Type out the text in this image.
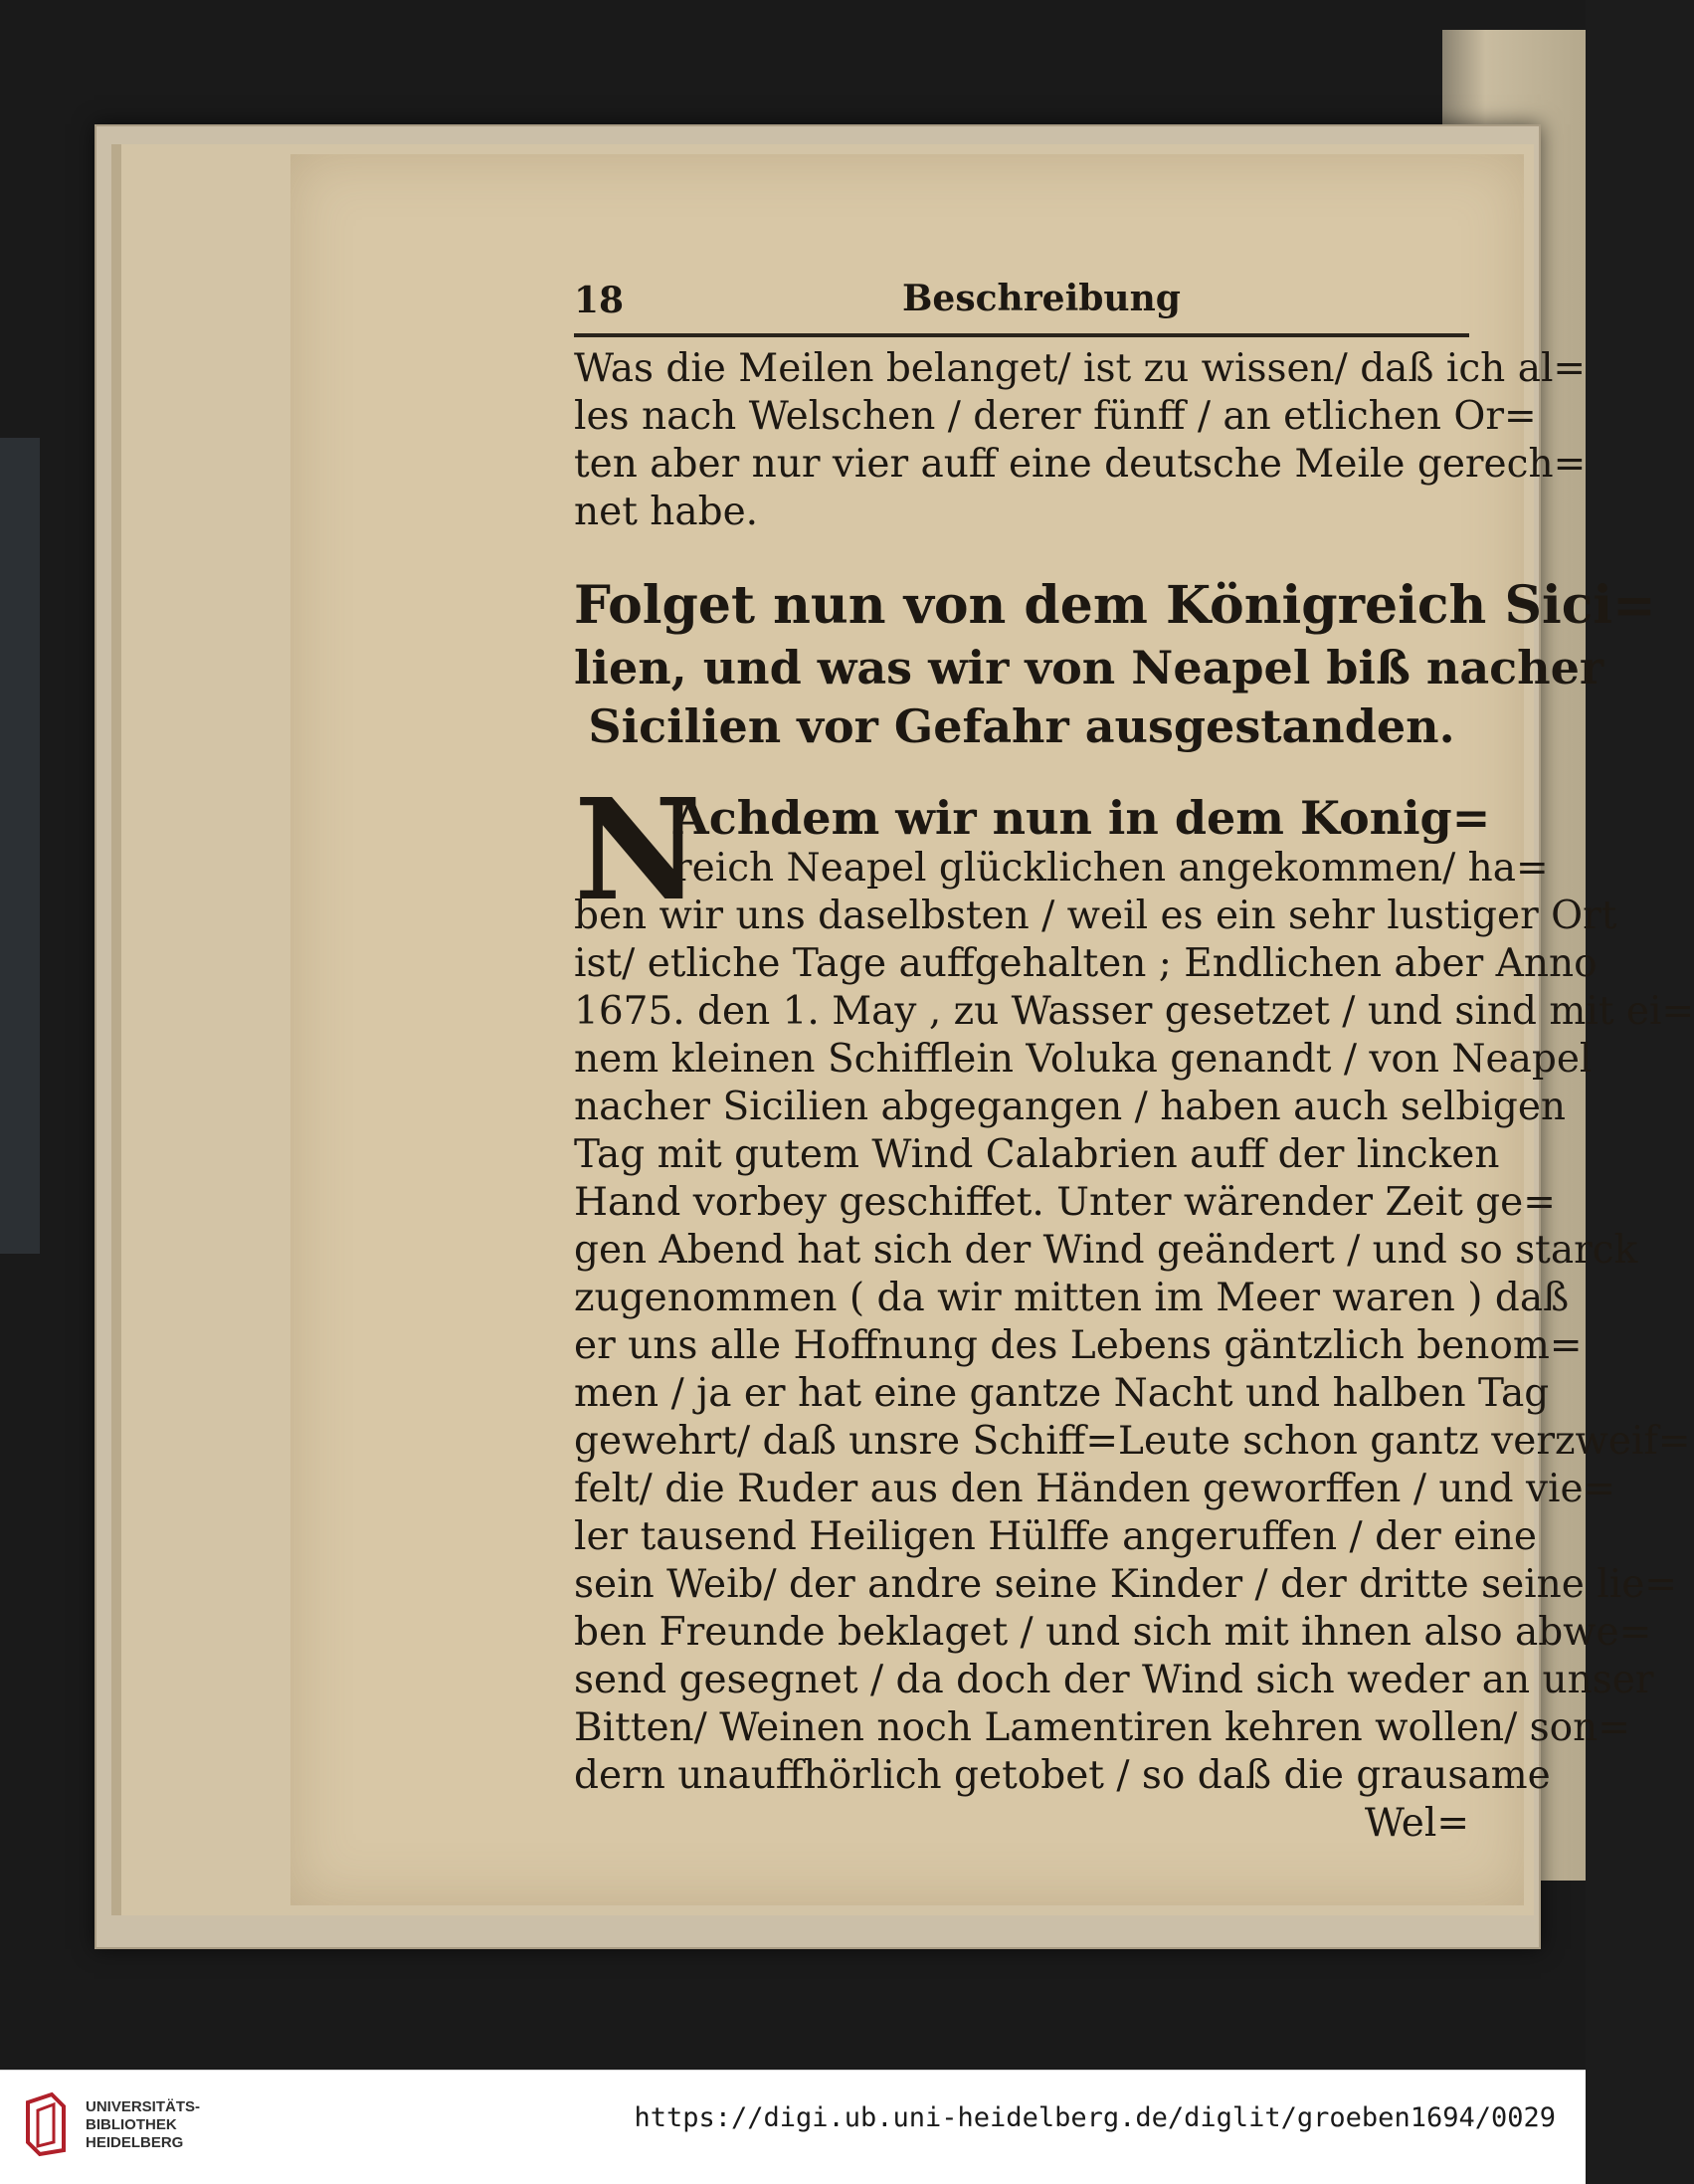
18	Beschreibung
Was die Meilen belanget/ ist zu wissen/ daß ich al=
les nach Welschen / derer fünff / an etlichen Or=
ten aber nur vier auff eine deutsche Meile gerech=
net habe.
Folget nun von dem Königreich Sici=
lien, und was wir von Neapel biß nacher
Sicilien vor Gefahr ausgestanden.
N
Achdem wir nun in dem Konig=
reich Neapel glücklichen angekommen/ ha=
ben wir uns daselbsten / weil es ein sehr lustiger Ort
ist/ etliche Tage auffgehalten ; Endlichen aber Anno
1675. den 1. May , zu Wasser gesetzet / und sind mit ei=
nem kleinen Schifflein Voluka genandt / von Neapel
nacher Sicilien abgegangen / haben auch selbigen
Tag mit gutem Wind Calabrien auff der lincken
Hand vorbey geschiffet. Unter wärender Zeit ge=
gen Abend hat sich der Wind geändert / und so starck
zugenommen ( da wir mitten im Meer waren ) daß
er uns alle Hoffnung des Lebens gäntzlich benom=
men / ja er hat eine gantze Nacht und halben Tag
gewehrt/ daß unsre Schiff=Leute schon gantz verzweif=
felt/ die Ruder aus den Händen geworffen / und vie=
ler tausend Heiligen Hülffe angeruffen / der eine
sein Weib/ der andre seine Kinder / der dritte seine lie=
ben Freunde beklaget / und sich mit ihnen also abwe=
send gesegnet / da doch der Wind sich weder an unser
Bitten/ Weinen noch Lamentiren kehren wollen/ son=
dern unauffhörlich getobet / so daß die grausame
Wel=
UNIVERSITÄTS-
BIBLIOTHEK
HEIDELBERG
https://digi.ub.uni-heidelberg.de/diglit/groeben1694/0029
